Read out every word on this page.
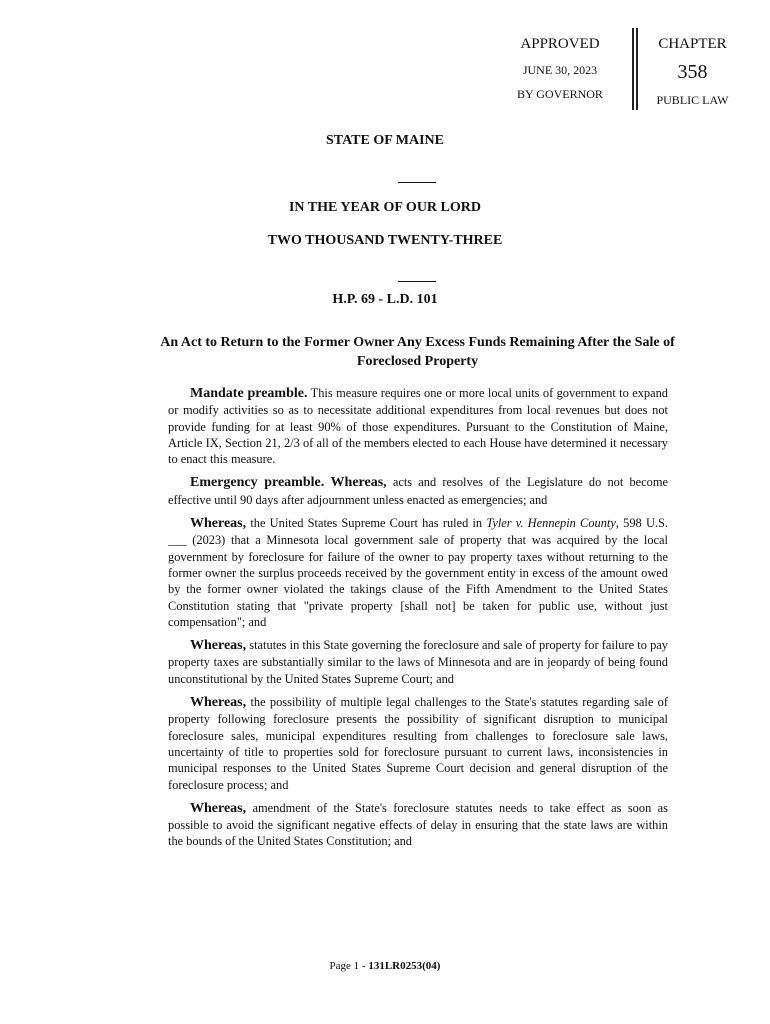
APPROVED
JUNE 30, 2023
BY GOVERNOR
CHAPTER
358
PUBLIC LAW
STATE OF MAINE
IN THE YEAR OF OUR LORD
TWO THOUSAND TWENTY-THREE
H.P. 69 - L.D. 101
An Act to Return to the Former Owner Any Excess Funds Remaining After the Sale of Foreclosed Property

Mandate preamble. This measure requires one or more local units of government to expand or modify activities so as to necessitate additional expenditures from local revenues but does not provide funding for at least 90% of those expenditures. Pursuant to the Constitution of Maine, Article IX, Section 21, 2/3 of all of the members elected to each House have determined it necessary to enact this measure.

Emergency preamble. Whereas, acts and resolves of the Legislature do not become effective until 90 days after adjournment unless enacted as emergencies; and

Whereas, the United States Supreme Court has ruled in Tyler v. Hennepin County, 598 U.S. ___ (2023) that a Minnesota local government sale of property that was acquired by the local government by foreclosure for failure of the owner to pay property taxes without returning to the former owner the surplus proceeds received by the government entity in excess of the amount owed by the former owner violated the takings clause of the Fifth Amendment to the United States Constitution stating that "private property [shall not] be taken for public use, without just compensation"; and

Whereas, statutes in this State governing the foreclosure and sale of property for failure to pay property taxes are substantially similar to the laws of Minnesota and are in jeopardy of being found unconstitutional by the United States Supreme Court; and

Whereas, the possibility of multiple legal challenges to the State's statutes regarding sale of property following foreclosure presents the possibility of significant disruption to municipal foreclosure sales, municipal expenditures resulting from challenges to foreclosure sale laws, uncertainty of title to properties sold for foreclosure pursuant to current laws, inconsistencies in municipal responses to the United States Supreme Court decision and general disruption of the foreclosure process; and

Whereas, amendment of the State's foreclosure statutes needs to take effect as soon as possible to avoid the significant negative effects of delay in ensuring that the state laws are within the bounds of the United States Constitution; and

Page 1 - 131LR0253(04)
